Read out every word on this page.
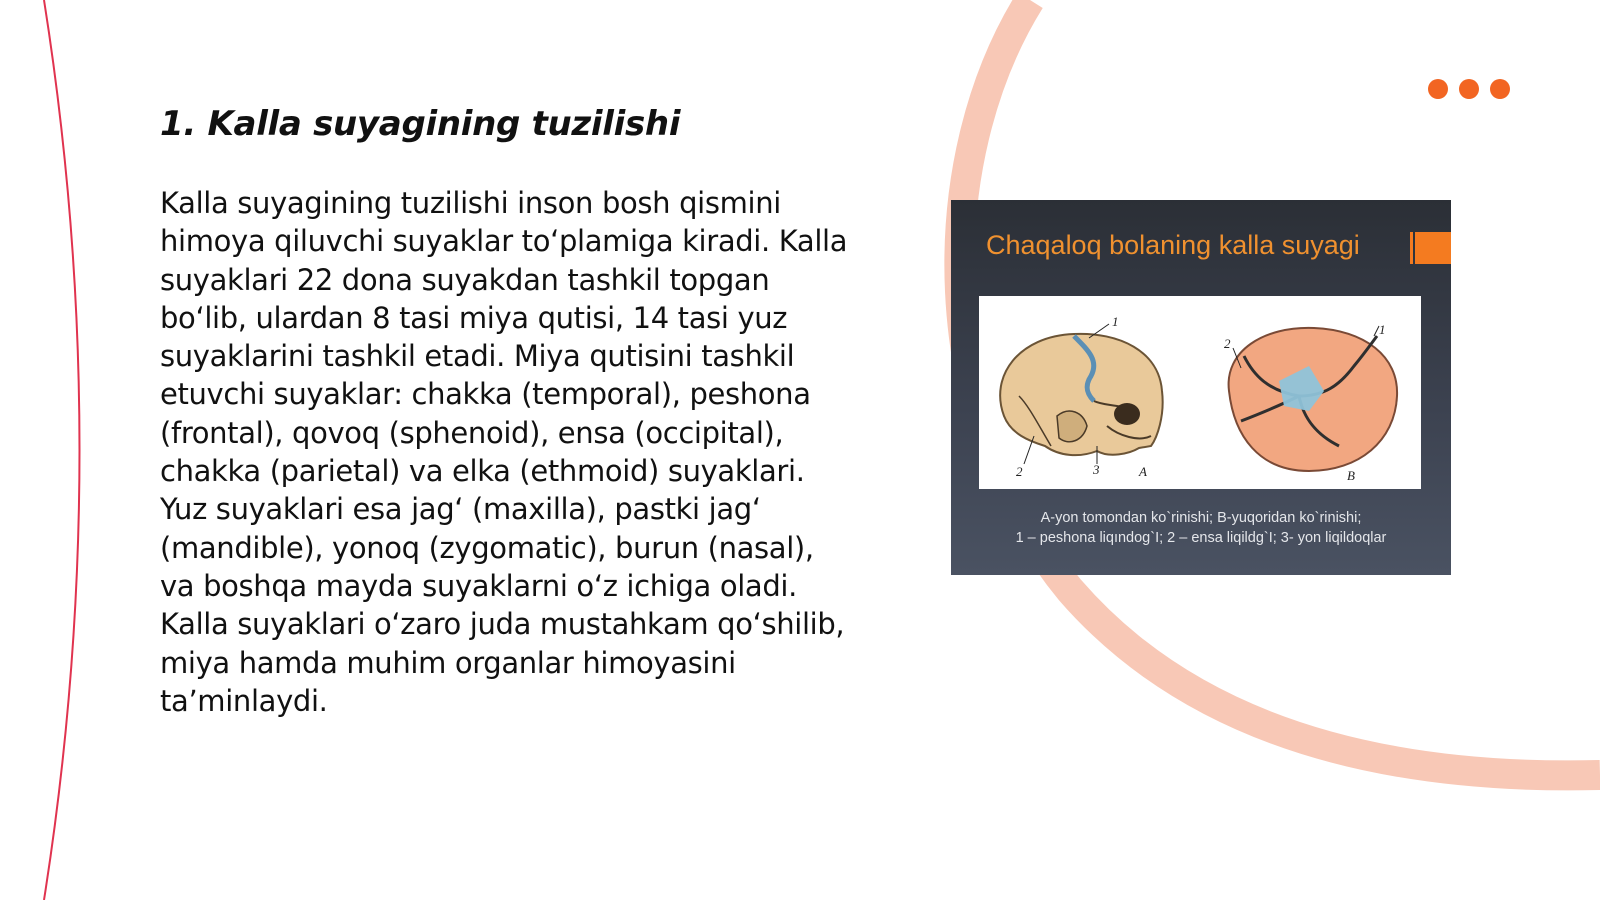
1. Kalla suyagining tuzilishi

Kalla suyagining tuzilishi inson bosh qismini himoya qiluvchi suyaklar to‘plamiga kiradi. Kalla suyaklari 22 dona suyakdan tashkil topgan bo‘lib, ulardan 8 tasi miya qutisi, 14 tasi yuz suyaklarini tashkil etadi. Miya qutisini tashkil etuvchi suyaklar: chakka (temporal), peshona (frontal), qovoq (sphenoid), ensa (occipital), chakka (parietal) va elka (ethmoid) suyaklari. Yuz suyaklari esa jag‘ (maxilla), pastki jag‘ (mandible), yonoq (zygomatic), burun (nasal), va boshqa mayda suyaklarni o‘z ichiga oladi. Kalla suyaklari o‘zaro juda mustahkam qo‘shilib, miya hamda muhim organlar himoyasini ta’minlaydi.

Chaqaloq bolaning kalla suyagi
1
2	3	A
1
2
B
A-yon tomondan ko`rinishi; B-yuqoridan ko`rinishi;
1 – peshona liqındog`I; 2 – ensa liqildg`I; 3- yon liqildoqlar
